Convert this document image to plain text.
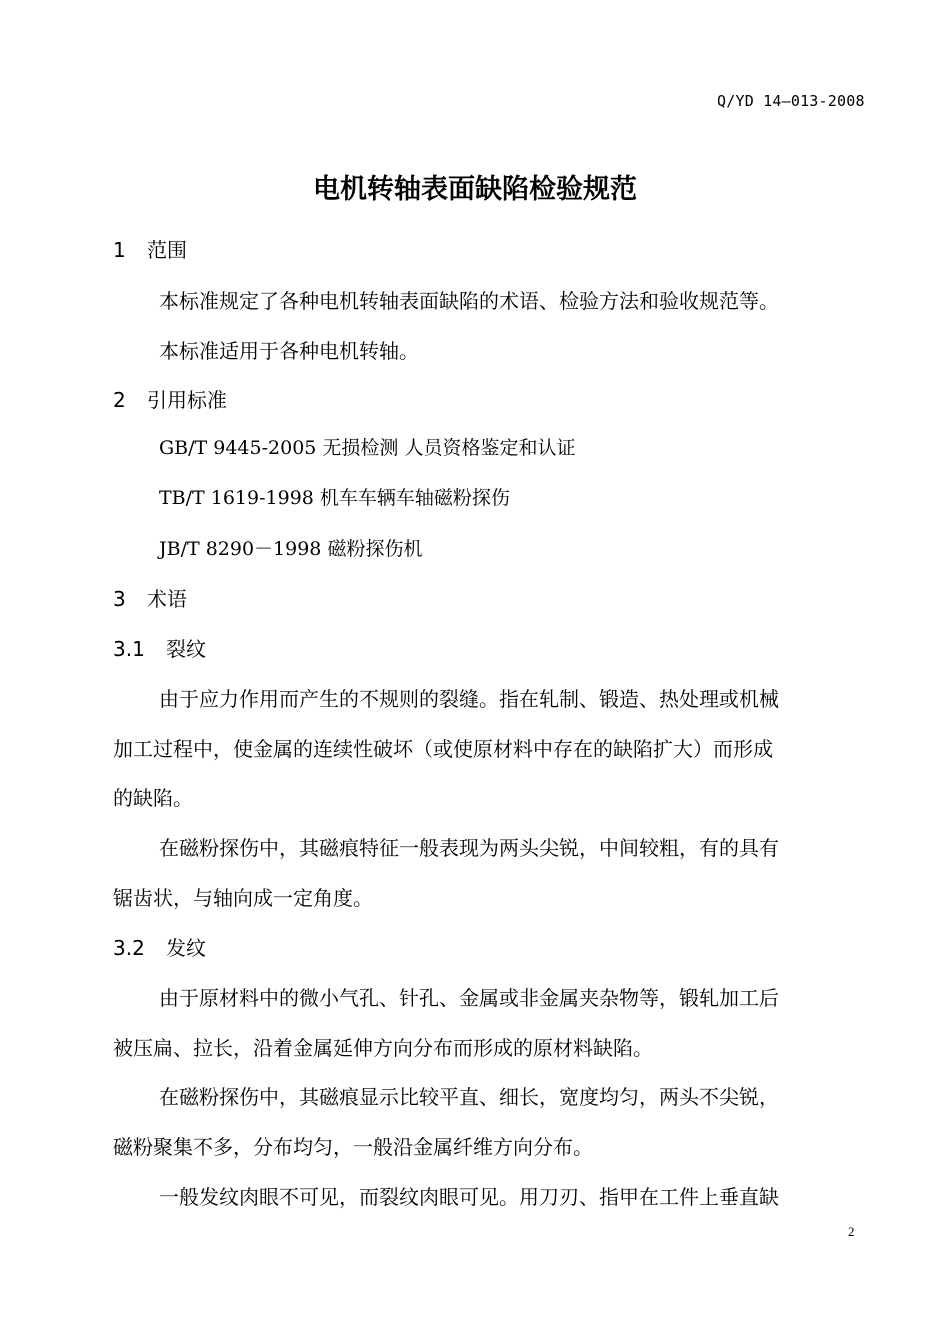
Q/YD 14—013-2008
电机转轴表面缺陷检验规范
1 范围
本标准规定了各种电机转轴表面缺陷的术语、检验方法和验收规范等。
本标准适用于各种电机转轴。
2 引用标准
GB/T 9445-2005 无损检测 人员资格鉴定和认证
TB/T 1619-1998 机车车辆车轴磁粉探伤
JB/T 8290－1998 磁粉探伤机
3 术语
3.1 裂纹
由于应力作用而产生的不规则的裂缝。指在轧制、锻造、热处理或机械
加工过程中，使金属的连续性破坏（或使原材料中存在的缺陷扩大）而形成
的缺陷。
在磁粉探伤中，其磁痕特征一般表现为两头尖锐，中间较粗，有的具有
锯齿状，与轴向成一定角度。
3.2 发纹
由于原材料中的微小气孔、针孔、金属或非金属夹杂物等，锻轧加工后
被压扁、拉长，沿着金属延伸方向分布而形成的原材料缺陷。
在磁粉探伤中，其磁痕显示比较平直、细长，宽度均匀，两头不尖锐，
磁粉聚集不多，分布均匀，一般沿金属纤维方向分布。
一般发纹肉眼不可见，而裂纹肉眼可见。用刀刃、指甲在工件上垂直缺
2
